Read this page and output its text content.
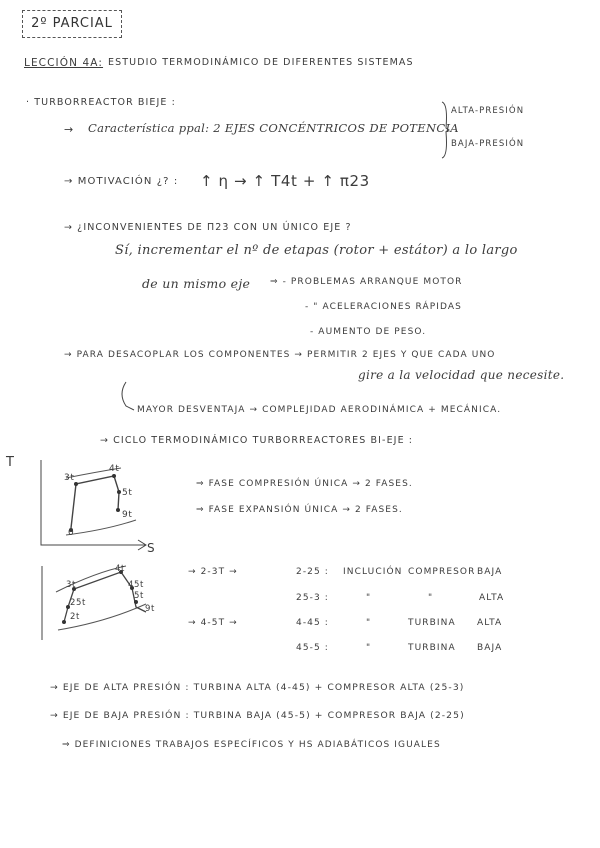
2º PARCIAL
LECCIÓN 4A: ESTUDIO TERMODINÁMICO DE DIFERENTES SISTEMAS
· TURBORREACTOR BIEJE :
→ Característica ppal: 2 EJES CONCÉNTRICOS DE POTENCIA
ALTA-PRESIÓN
BAJA-PRESIÓN
→ MOTIVACIÓN ¿? : ↑ η → ↑ T4t + ↑ π23
→ ¿INCONVENIENTES DE Π23 CON UN ÚNICO EJE ?
Sí, incrementar el nº de etapas (rotor + estátor) a lo largo
de un mismo eje ⇒ - PROBLEMAS ARRANQUE MOTOR
- " ACELERACIONES RÁPIDAS
- AUMENTO DE PESO.
→ PARA DESACOPLAR LOS COMPONENTES → PERMITIR 2 EJES Y QUE CADA UNO
gire a la velocidad que necesite.
MAYOR DESVENTAJA → COMPLEJIDAD AERODINÁMICA + MECÁNICA.
→ CICLO TERMODINÁMICO TURBORREACTORES BI-EJE :
T
S
3t
4t
5t
9t
0
⇒ FASE COMPRESIÓN ÚNICA → 2 FASES.
⇒ FASE EXPANSIÓN ÚNICA → 2 FASES.
3t
4t
45t
25t
5t
2t
9t
→ 2-3T →	2-25 : INCLUCIÓN COMPRESOR BAJA
25-3 :	"	"	ALTA
→ 4-5T →	4-45 :	"	TURBINA ALTA
45-5 :	"	TURBINA BAJA
→ EJE DE ALTA PRESIÓN : TURBINA ALTA (4-45) + COMPRESOR ALTA (25-3)
→ EJE DE BAJA PRESIÓN : TURBINA BAJA (45-5) + COMPRESOR BAJA (2-25)
⇒ DEFINICIONES TRABAJOS ESPECÍFICOS Y ΗS ADIABÁTICOS IGUALES
